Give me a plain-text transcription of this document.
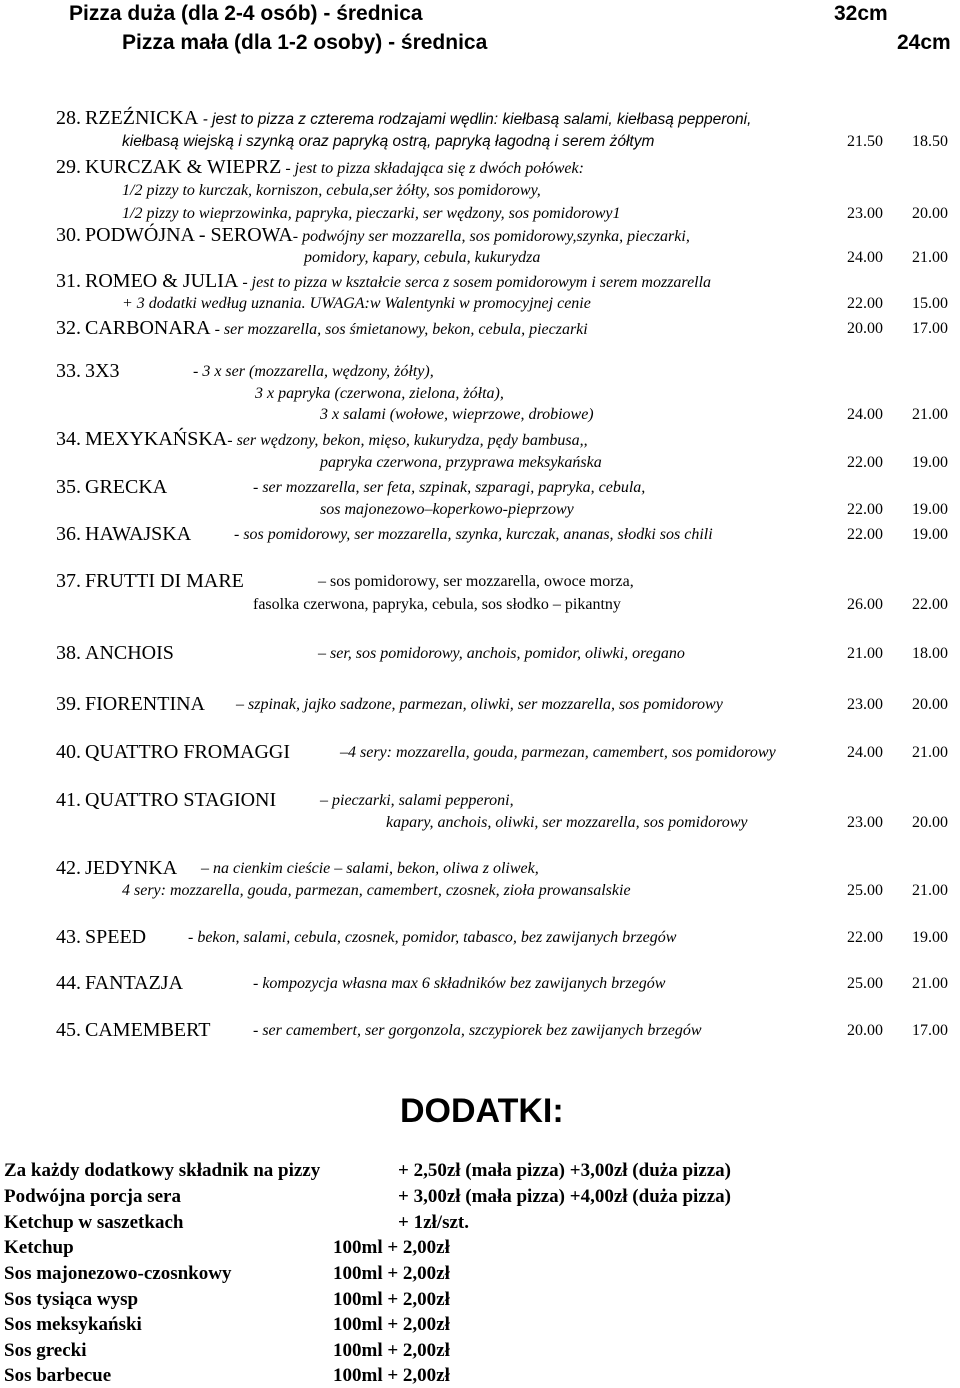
Pizza duża (dla 2-4 osób) - średnica	32cm
Pizza mała (dla 1-2 osoby) - średnica	24cm
28. RZEŹNICKA - jest to pizza z czterema rodzajami wędlin: kiełbasą salami, kiełbasą pepperoni,
kiełbasą wiejską i szynką oraz papryką ostrą, papryką łagodną i serem żółtym	21.50 18.50
29. KURCZAK & WIEPRZ - jest to pizza składająca się z dwóch połówek:
1/2 pizzy to kurczak, korniszon, cebula,ser żółty, sos pomidorowy,
1/2 pizzy to wieprzowinka, papryka, pieczarki, ser wędzony, sos pomidorowy1	23.00 20.00
30. PODWÓJNA - SEROWA- podwójny ser mozzarella, sos pomidorowy,szynka, pieczarki,
pomidory, kapary, cebula, kukurydza	24.00 21.00
31. ROMEO & JULIA - jest to pizza w kształcie serca z sosem pomidorowym i serem mozzarella
+ 3 dodatki według uznania. UWAGA:w Walentynki w promocyjnej cenie	22.00 15.00
32. CARBONARA - ser mozzarella, sos śmietanowy, bekon, cebula, pieczarki	20.00 17.00
33. 3X3	- 3 x ser (mozzarella, wędzony, żółty),
3 x papryka (czerwona, zielona, żółta),
3 x salami (wołowe, wieprzowe, drobiowe)	24.00 21.00
34. MEXYKAŃSKA- ser wędzony, bekon, mięso, kukurydza, pędy bambusa,,
papryka czerwona, przyprawa meksykańska	22.00 19.00
35. GRECKA	- ser mozzarella, ser feta, szpinak, szparagi, papryka, cebula,
sos majonezowo–koperkowo-pieprzowy	22.00 19.00
36. HAWAJSKA	- sos pomidorowy, ser mozzarella, szynka, kurczak, ananas, słodki sos chili	22.00 19.00
37. FRUTTI DI MARE	– sos pomidorowy, ser mozzarella, owoce morza,
fasolka czerwona, papryka, cebula, sos słodko – pikantny	26.00 22.00
38. ANCHOIS	– ser, sos pomidorowy, anchois, pomidor, oliwki, oregano	21.00 18.00
39. FIORENTINA – szpinak, jajko sadzone, parmezan, oliwki, ser mozzarella, sos pomidorowy	23.00 20.00
40. QUATTRO FROMAGGI	–4 sery: mozzarella, gouda, parmezan, camembert, sos pomidorowy	24.00 21.00
41. QUATTRO STAGIONI	– pieczarki, salami pepperoni,
kapary, anchois, oliwki, ser mozzarella, sos pomidorowy	23.00 20.00
42. JEDYNKA – na cienkim cieście – salami, bekon, oliwa z oliwek,
4 sery: mozzarella, gouda, parmezan, camembert, czosnek, zioła prowansalskie	25.00 21.00
43. SPEED	- bekon, salami, cebula, czosnek, pomidor, tabasco, bez zawijanych brzegów	22.00 19.00
44. FANTAZJA	- kompozycja własna max 6 składników bez zawijanych brzegów	25.00 21.00
45. CAMEMBERT	- ser camembert, ser gorgonzola, szczypiorek bez zawijanych brzegów	20.00 17.00
DODATKI:
Za każdy dodatkowy składnik na pizzy	+ 2,50zł (mała pizza) +3,00zł (duża pizza)
Podwójna porcja sera	+ 3,00zł (mała pizza) +4,00zł (duża pizza)
Ketchup w saszetkach	+ 1zł/szt.
Ketchup	100ml + 2,00zł
Sos majonezowo-czosnkowy	100ml + 2,00zł
Sos tysiąca wysp	100ml + 2,00zł
Sos meksykański	100ml + 2,00zł
Sos grecki	100ml + 2,00zł
Sos barbecue	100ml + 2,00zł
